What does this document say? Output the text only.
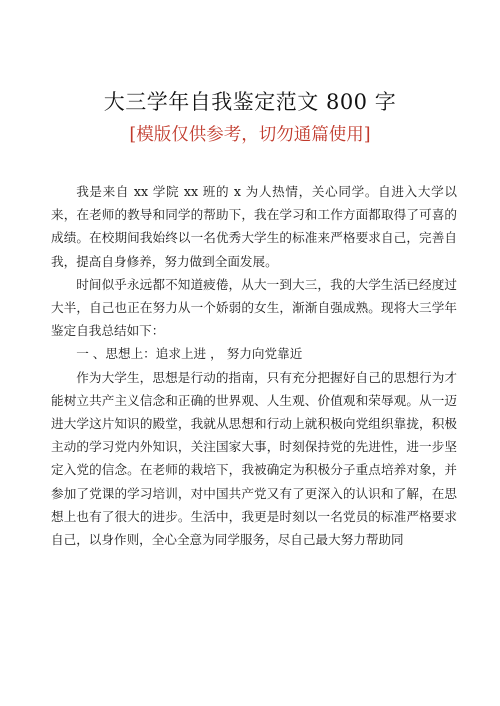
大三学年自我鉴定范文 800 字
[模版仅供参考，切勿通篇使用]

我是来自 xx 学院 xx 班的 x 为人热情，关心同学。自进入大学以来，在老师的教导和同学的帮助下，我在学习和工作方面都取得了可喜的成绩。在校期间我始终以一名优秀大学生的标准来严格要求自己，完善自我，提高自身修养，努力做到全面发展。

时间似乎永远都不知道疲倦，从大一到大三，我的大学生活已经度过大半，自己也正在努力从一个娇弱的女生，渐渐自强成熟。现将大三学年鉴定自我总结如下：

一 、思想上：追求上进 ， 努力向党靠近

作为大学生，思想是行动的指南，只有充分把握好自己的思想行为才能树立共产主义信念和正确的世界观、人生观、价值观和荣辱观。从一迈进大学这片知识的殿堂，我就从思想和行动上就积极向党组织靠拢，积极主动的学习党内外知识，关注国家大事，时刻保持党的先进性，进一步坚定入党的信念。在老师的栽培下，我被确定为积极分子重点培养对象，并参加了党课的学习培训，对中国共产党又有了更深入的认识和了解，在思想上也有了很大的进步。生活中，我更是时刻以一名党员的标准严格要求自己，以身作则，全心全意为同学服务，尽自己最大努力帮助同
